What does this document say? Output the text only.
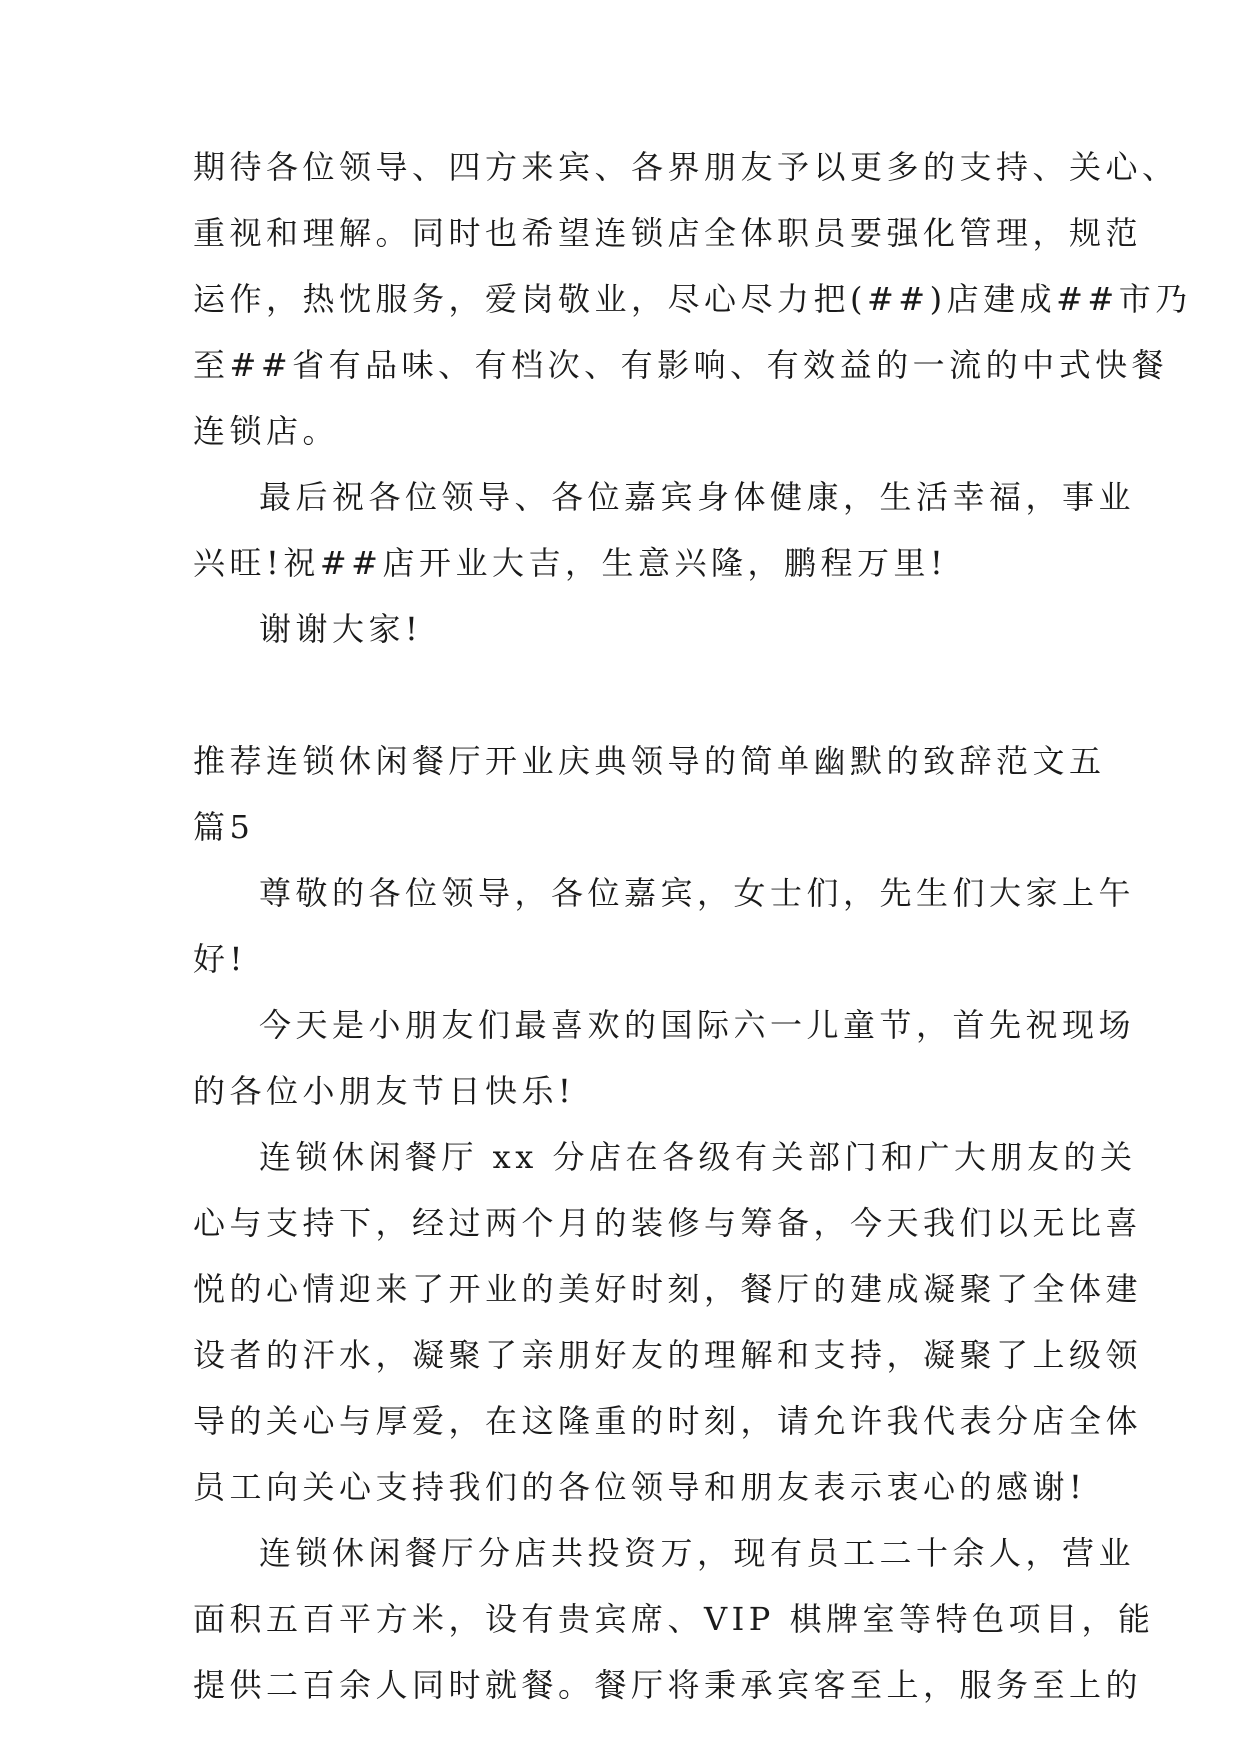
期待各位领导、四方来宾、各界朋友予以更多的支持、关心、
重视和理解。同时也希望连锁店全体职员要强化管理，规范
运作，热忱服务，爱岗敬业，尽心尽力把(##)店建成##市乃
至##省有品味、有档次、有影响、有效益的一流的中式快餐
连锁店。
最后祝各位领导、各位嘉宾身体健康，生活幸福，事业
兴旺!祝##店开业大吉，生意兴隆，鹏程万里!
谢谢大家!
推荐连锁休闲餐厅开业庆典领导的简单幽默的致辞范文五
篇5
尊敬的各位领导，各位嘉宾，女士们，先生们大家上午
好!
今天是小朋友们最喜欢的国际六一儿童节，首先祝现场
的各位小朋友节日快乐!
连锁休闲餐厅 xx 分店在各级有关部门和广大朋友的关
心与支持下，经过两个月的装修与筹备，今天我们以无比喜
悦的心情迎来了开业的美好时刻，餐厅的建成凝聚了全体建
设者的汗水，凝聚了亲朋好友的理解和支持，凝聚了上级领
导的关心与厚爱，在这隆重的时刻，请允许我代表分店全体
员工向关心支持我们的各位领导和朋友表示衷心的感谢!
连锁休闲餐厅分店共投资万，现有员工二十余人，营业
面积五百平方米，设有贵宾席、VIP 棋牌室等特色项目，能
提供二百余人同时就餐。餐厅将秉承宾客至上，服务至上的
